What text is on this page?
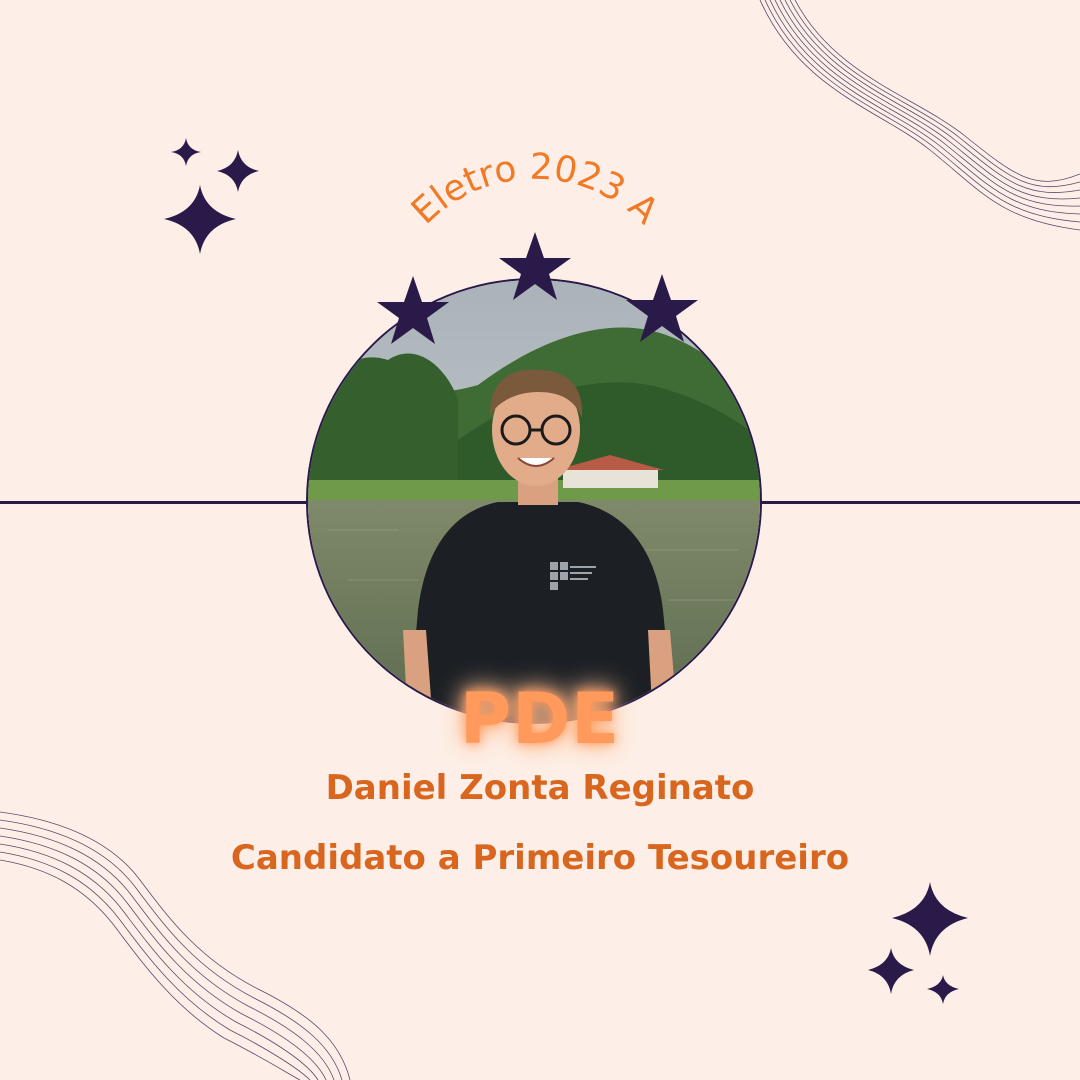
Eletro 2023 A
PDE
Daniel Zonta Reginato
Candidato a Primeiro Tesoureiro
